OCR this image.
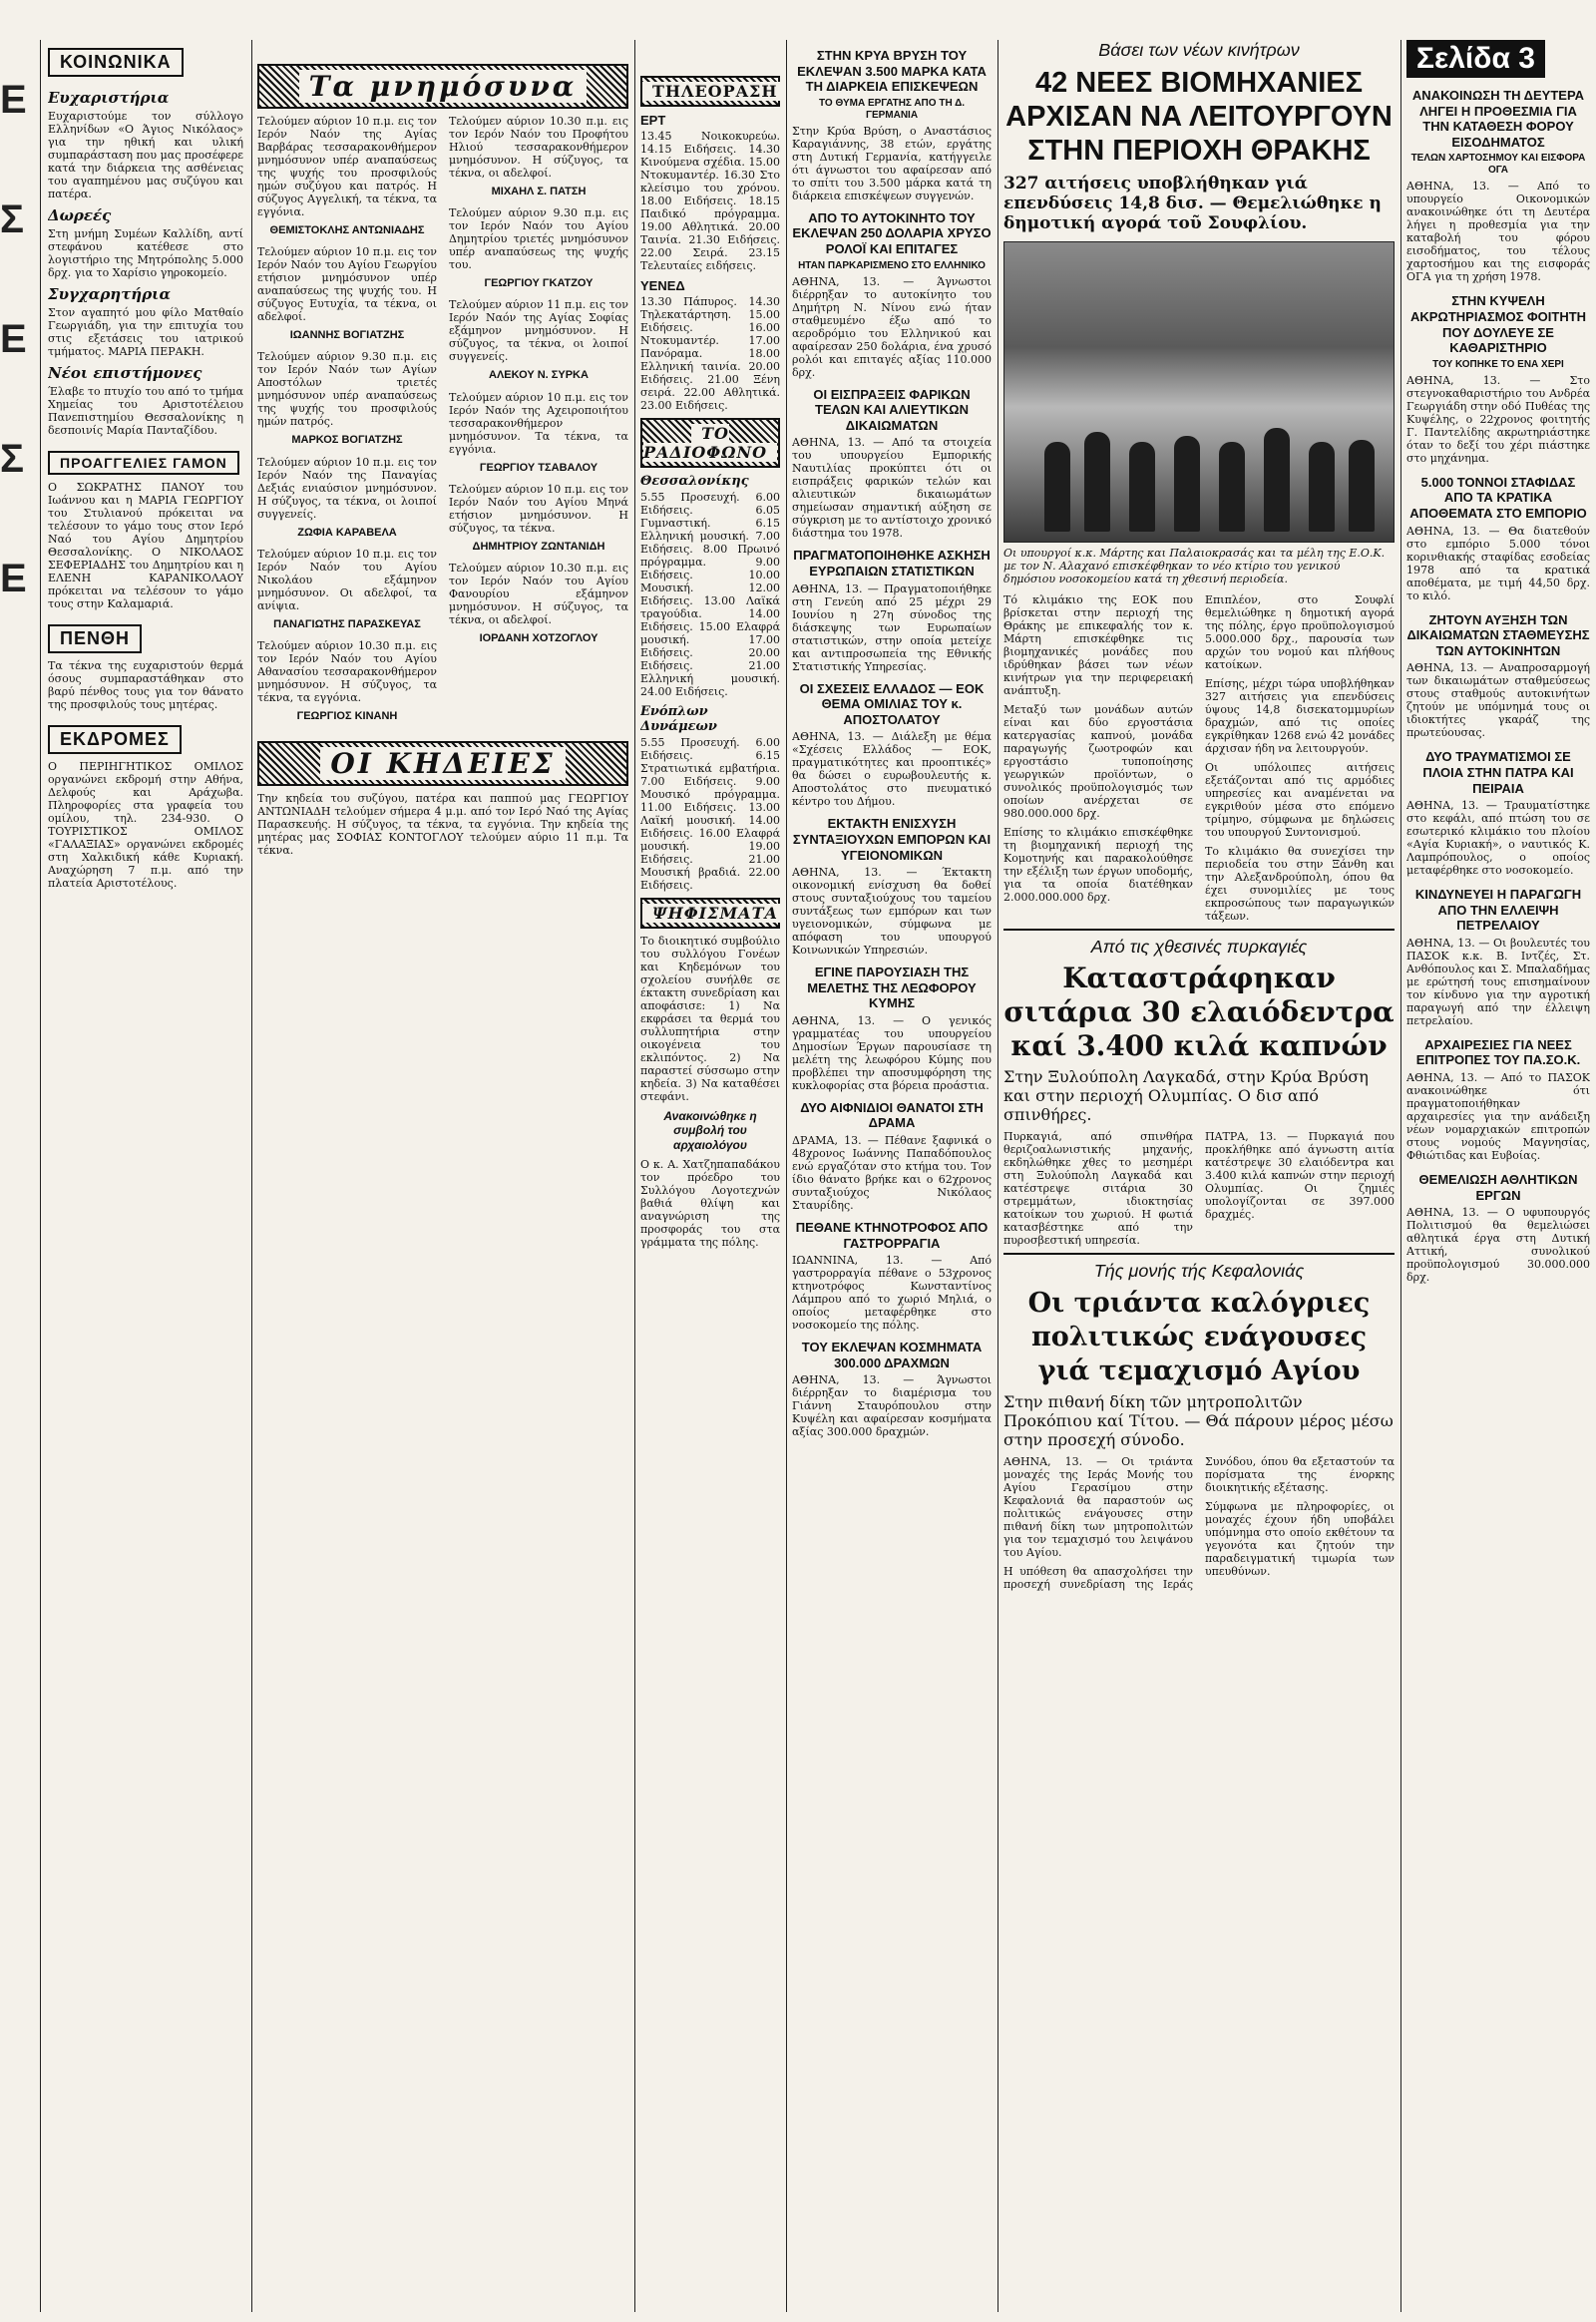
ΕΣ Ε Σ Ε
ΚΟΙΝΩΝΙΚΑ
Ευχαριστήρια

Ευχαριστούμε τον σύλλογο Ελληνίδων «Ο Άγιος Νικόλαος» για την ηθική και υλική συμπαράσταση που μας προσέφερε κατά την διάρκεια της ασθένειας του αγαπημένου μας συζύγου και πατέρα.

Δωρεές

Στη μνήμη Συμέων Καλλίδη, αντί στεφάνου κατέθεσε στο λογιστήριο της Μητρόπολης 5.000 δρχ. για το Χαρίσιο γηροκομείο.

Συγχαρητήρια

Στον αγαπητό μου φίλο Ματθαίο Γεωργιάδη, για την επιτυχία του στις εξετάσεις του ιατρικού τμήματος. ΜΑΡΙΑ ΠΕΡΑΚΗ.

Νέοι επιστήμονες

Έλαβε το πτυχίο του από το τμήμα Χημείας του Αριστοτέλειου Πανεπιστημίου Θεσσαλονίκης η δεσποινίς Μαρία Πανταζίδου.

ΠΡΟΑΓΓΕΛΙΕΣ ΓΑΜΟΝ

Ο ΣΩΚΡΑΤΗΣ ΠΑΝΟΥ του Ιωάννου και η ΜΑΡΙΑ ΓΕΩΡΓΙΟΥ του Στυλιανού πρόκειται να τελέσουν το γάμο τους στον Ιερό Ναό του Αγίου Δημητρίου Θεσσαλονίκης. Ο ΝΙΚΟΛΑΟΣ ΣΕΦΕΡΙΑΔΗΣ του Δημητρίου και η ΕΛΕΝΗ ΚΑΡΑΝΙΚΟΛΑΟΥ πρόκειται να τελέσουν το γάμο τους στην Καλαμαριά.

ΠΕΝΘΗ

Τα τέκνα της ευχαριστούν θερμά όσους συμπαραστάθηκαν στο βαρύ πένθος τους για τον θάνατο της προσφιλούς τους μητέρας.

ΕΚΔΡΟΜΕΣ

Ο ΠΕΡΙΗΓΗΤΙΚΟΣ ΟΜΙΛΟΣ οργανώνει εκδρομή στην Αθήνα, Δελφούς και Αράχωβα. Πληροφορίες στα γραφεία του ομίλου, τηλ. 234-930. Ο ΤΟΥΡΙΣΤΙΚΟΣ ΟΜΙΛΟΣ «ΓΑΛΑΞΙΑΣ» οργανώνει εκδρομές στη Χαλκιδική κάθε Κυριακή. Αναχώρηση 7 π.μ. από την πλατεία Αριστοτέλους.

Τα μνημόσυνα

Τελούμεν αύριον 10 π.μ. εις τον Ιερόν Ναόν της Αγίας Βαρβάρας τεσσαρακονθήμερον μνημόσυνον υπέρ αναπαύσεως της ψυχής του προσφιλούς ημών συζύγου και πατρός. Η σύζυγος Αγγελική, τα τέκνα, τα εγγόνια.

ΘΕΜΙΣΤΟΚΛΗΣ ΑΝΤΩΝΙΑΔΗΣ

Τελούμεν αύριον 10 π.μ. εις τον Ιερόν Ναόν του Αγίου Γεωργίου ετήσιον μνημόσυνον υπέρ αναπαύσεως της ψυχής του. Η σύζυγος Ευτυχία, τα τέκνα, οι αδελφοί.

ΙΩΑΝΝΗΣ ΒΟΓΙΑΤΖΗΣ

Τελούμεν αύριον 9.30 π.μ. εις τον Ιερόν Ναόν των Αγίων Αποστόλων τριετές μνημόσυνον υπέρ αναπαύσεως της ψυχής του προσφιλούς ημών πατρός.

ΜΑΡΚΟΣ ΒΟΓΙΑΤΖΗΣ

Τελούμεν αύριον 10 π.μ. εις τον Ιερόν Ναόν της Παναγίας Δεξιάς ενιαύσιον μνημόσυνον. Η σύζυγος, τα τέκνα, οι λοιποί συγγενείς.

ΖΩΦΙΑ ΚΑΡΑΒΕΛΑ

Τελούμεν αύριον 10 π.μ. εις τον Ιερόν Ναόν του Αγίου Νικολάου εξάμηνον μνημόσυνον. Οι αδελφοί, τα ανίψια.

ΠΑΝΑΓΙΩΤΗΣ ΠΑΡΑΣΚΕΥΑΣ

Τελούμεν αύριον 10.30 π.μ. εις τον Ιερόν Ναόν του Αγίου Αθανασίου τεσσαρακονθήμερον μνημόσυνον. Η σύζυγος, τα τέκνα, τα εγγόνια.

ΓΕΩΡΓΙΟΣ ΚΙΝΑΝΗ

Τελούμεν αύριον 10.30 π.μ. εις τον Ιερόν Ναόν του Προφήτου Ηλιού τεσσαρακονθήμερον μνημόσυνον. Η σύζυγος, τα τέκνα, οι αδελφοί.

ΜΙΧΑΗΛ Σ. ΠΑΤΣΗ

Τελούμεν αύριον 9.30 π.μ. εις τον Ιερόν Ναόν του Αγίου Δημητρίου τριετές μνημόσυνον υπέρ αναπαύσεως της ψυχής του.

ΓΕΩΡΓΙΟΥ ΓΚΑΤΖΟΥ

Τελούμεν αύριον 11 π.μ. εις τον Ιερόν Ναόν της Αγίας Σοφίας εξάμηνον μνημόσυνον. Η σύζυγος, τα τέκνα, οι λοιποί συγγενείς.

ΑΛΕΚΟΥ Ν. ΣΥΡΚΑ

Τελούμεν αύριον 10 π.μ. εις τον Ιερόν Ναόν της Αχειροποιήτου τεσσαρακονθήμερον μνημόσυνον. Τα τέκνα, τα εγγόνια.

ΓΕΩΡΓΙΟΥ ΤΣΑΒΑΛΟΥ

Τελούμεν αύριον 10 π.μ. εις τον Ιερόν Ναόν του Αγίου Μηνά ετήσιον μνημόσυνον. Η σύζυγος, τα τέκνα.

ΔΗΜΗΤΡΙΟΥ ΖΩΝΤΑΝΙΔΗ

Τελούμεν αύριον 10.30 π.μ. εις τον Ιερόν Ναόν του Αγίου Φανουρίου εξάμηνον μνημόσυνον. Η σύζυγος, τα τέκνα, οι αδελφοί.

ΙΟΡΔΑΝΗ ΧΟΤΖΟΓΛΟΥ
ΟΙ ΚΗΔΕΙΕΣ

Την κηδεία του συζύγου, πατέρα και παππού μας ΓΕΩΡΓΙΟΥ ΑΝΤΩΝΙΑΔΗ τελούμεν σήμερα 4 μ.μ. από τον Ιερό Ναό της Αγίας Παρασκευής. Η σύζυγος, τα τέκνα, τα εγγόνια. Την κηδεία της μητέρας μας ΣΟΦΙΑΣ ΚΟΝΤΟΓΛΟΥ τελούμεν αύριο 11 π.μ. Τα τέκνα.

ΤΗΛΕΟΡΑΣΗ
ΕΡΤ

13.45 Νοικοκυρεύω. 14.15 Ειδήσεις. 14.30 Κινούμενα σχέδια. 15.00 Ντοκυμαντέρ. 16.30 Στο κλείσιμο του χρόνου. 18.00 Ειδήσεις. 18.15 Παιδικό πρόγραμμα. 19.00 Αθλητικά. 20.00 Ταινία. 21.30 Ειδήσεις. 22.00 Σειρά. 23.15 Τελευταίες ειδήσεις.

ΥΕΝΕΔ

13.30 Πάπυρος. 14.30 Τηλεκατάρτηση. 15.00 Ειδήσεις. 16.00 Ντοκυμαντέρ. 17.00 Πανόραμα. 18.00 Ελληνική ταινία. 20.00 Ειδήσεις. 21.00 Ξένη σειρά. 22.00 Αθλητικά. 23.00 Ειδήσεις.

ΤΟ ΡΑΔΙΟΦΩΝΟ
Θεσσαλονίκης

5.55 Προσευχή. 6.00 Ειδήσεις. 6.05 Γυμναστική. 6.15 Ελληνική μουσική. 7.00 Ειδήσεις. 8.00 Πρωινό πρόγραμμα. 9.00 Ειδήσεις. 10.00 Μουσική. 12.00 Ειδήσεις. 13.00 Λαϊκά τραγούδια. 14.00 Ειδήσεις. 15.00 Ελαφρά μουσική. 17.00 Ειδήσεις. 20.00 Ειδήσεις. 21.00 Ελληνική μουσική. 24.00 Ειδήσεις.

Ενόπλων Δυνάμεων

5.55 Προσευχή. 6.00 Ειδήσεις. 6.15 Στρατιωτικά εμβατήρια. 7.00 Ειδήσεις. 9.00 Μουσικό πρόγραμμα. 11.00 Ειδήσεις. 13.00 Λαϊκή μουσική. 14.00 Ειδήσεις. 16.00 Ελαφρά μουσική. 19.00 Ειδήσεις. 21.00 Μουσική βραδιά. 22.00 Ειδήσεις.

ΨΗΦΙΣΜΑΤΑ

Το διοικητικό συμβούλιο του συλλόγου Γονέων και Κηδεμόνων του σχολείου συνήλθε σε έκτακτη συνεδρίαση και αποφάσισε: 1) Να εκφράσει τα θερμά του συλλυπητήρια στην οικογένεια του εκλιπόντος. 2) Να παραστεί σύσσωμο στην κηδεία. 3) Να καταθέσει στεφάνι.

Ανακοινώθηκε η συμβολή του αρχαιολόγου

Ο κ. Α. Χατζηπαπαδάκου τον πρόεδρο του Συλλόγου Λογοτεχνών βαθιά θλίψη και αναγνώριση της προσφοράς του στα γράμματα της πόλης.

ΣΤΗΝ ΚΡΥΑ ΒΡΥΣΗ ΤΟΥ ΕΚΛΕΨΑΝ 3.500 ΜΑΡΚΑ ΚΑΤΑ ΤΗ ΔΙΑΡΚΕΙΑ ΕΠΙΣΚΕΨΕΩΝ
ΤΟ ΘΥΜΑ ΕΡΓΑΤΗΣ ΑΠΟ ΤΗ Δ. ΓΕΡΜΑΝΙΑ

Στην Κρύα Βρύση, ο Αναστάσιος Καραγιάννης, 38 ετών, εργάτης στη Δυτική Γερμανία, κατήγγειλε ότι άγνωστοι του αφαίρεσαν από το σπίτι του 3.500 μάρκα κατά τη διάρκεια επισκέψεων συγγενών.

ΑΠΟ ΤΟ ΑΥΤΟΚΙΝΗΤΟ ΤΟΥ ΕΚΛΕΨΑΝ 250 ΔΟΛΑΡΙΑ ΧΡΥΣΟ ΡΟΛΟΪ ΚΑΙ ΕΠΙΤΑΓΕΣ
ΗΤΑΝ ΠΑΡΚΑΡΙΣΜΕΝΟ ΣΤΟ ΕΛΛΗΝΙΚΟ

ΑΘΗΝΑ, 13. — Άγνωστοι διέρρηξαν το αυτοκίνητο του Δημήτρη Ν. Νίνου ενώ ήταν σταθμευμένο έξω από το αεροδρόμιο του Ελληνικού και αφαίρεσαν 250 δολάρια, ένα χρυσό ρολόι και επιταγές αξίας 110.000 δρχ.

ΟΙ ΕΙΣΠΡΑΞΕΙΣ ΦΑΡΙΚΩΝ ΤΕΛΩΝ ΚΑΙ ΑΛΙΕΥΤΙΚΩΝ ΔΙΚΑΙΩΜΑΤΩΝ

ΑΘΗΝΑ, 13. — Από τα στοιχεία του υπουργείου Εμπορικής Ναυτιλίας προκύπτει ότι οι εισπράξεις φαρικών τελών και αλιευτικών δικαιωμάτων σημείωσαν σημαντική αύξηση σε σύγκριση με το αντίστοιχο χρονικό διάστημα του 1978.

ΠΡΑΓΜΑΤΟΠΟΙΗΘΗΚΕ ΑΣΚΗΣΗ ΕΥΡΩΠΑΙΩΝ ΣΤΑΤΙΣΤΙΚΩΝ

ΑΘΗΝΑ, 13. — Πραγματοποιήθηκε στη Γενεύη από 25 μέχρι 29 Ιουνίου η 27η σύνοδος της διάσκεψης των Ευρωπαίων στατιστικών, στην οποία μετείχε και αντιπροσωπεία της Εθνικής Στατιστικής Υπηρεσίας.

ΟΙ ΣΧΕΣΕΙΣ ΕΛΛΑΔΟΣ — ΕΟΚ ΘΕΜΑ ΟΜΙΛΙΑΣ ΤΟΥ κ. ΑΠΟΣΤΟΛΑΤΟΥ

ΑΘΗΝΑ, 13. — Διάλεξη με θέμα «Σχέσεις Ελλάδος — ΕΟΚ, πραγματικότητες και προοπτικές» θα δώσει ο ευρωβουλευτής κ. Αποστολάτος στο πνευματικό κέντρο του Δήμου.

ΕΚΤΑΚΤΗ ΕΝΙΣΧΥΣΗ ΣΥΝΤΑΞΙΟΥΧΩΝ ΕΜΠΟΡΩΝ ΚΑΙ ΥΓΕΙΟΝΟΜΙΚΩΝ

ΑΘΗΝΑ, 13. — Έκτακτη οικονομική ενίσχυση θα δοθεί στους συνταξιούχους του ταμείου συντάξεως των εμπόρων και των υγειονομικών, σύμφωνα με απόφαση του υπουργού Κοινωνικών Υπηρεσιών.

ΕΓΙΝΕ ΠΑΡΟΥΣΙΑΣΗ ΤΗΣ ΜΕΛΕΤΗΣ ΤΗΣ ΛΕΩΦΟΡΟΥ ΚΥΜΗΣ

ΑΘΗΝΑ, 13. — Ο γενικός γραμματέας του υπουργείου Δημοσίων Έργων παρουσίασε τη μελέτη της λεωφόρου Κύμης που προβλέπει την αποσυμφόρηση της κυκλοφορίας στα βόρεια προάστια.

ΔΥΟ ΑΙΦΝΙΔΙΟΙ ΘΑΝΑΤΟΙ ΣΤΗ ΔΡΑΜΑ

ΔΡΑΜΑ, 13. — Πέθανε ξαφνικά ο 48χρονος Ιωάννης Παπαδόπουλος ενώ εργαζόταν στο κτήμα του. Τον ίδιο θάνατο βρήκε και ο 62χρονος συνταξιούχος Νικόλαος Σταυρίδης.

ΠΕΘΑΝΕ ΚΤΗΝΟΤΡΟΦΟΣ ΑΠΟ ΓΑΣΤΡΟΡΡΑΓΙΑ

ΙΩΑΝΝΙΝΑ, 13. — Από γαστρορραγία πέθανε ο 53χρονος κτηνοτρόφος Κωνσταντίνος Λάμπρου από το χωριό Μηλιά, ο οποίος μεταφέρθηκε στο νοσοκομείο της πόλης.

ΤΟΥ ΕΚΛΕΨΑΝ ΚΟΣΜΗΜΑΤΑ 300.000 ΔΡΑΧΜΩΝ

ΑΘΗΝΑ, 13. — Άγνωστοι διέρρηξαν το διαμέρισμα του Γιάννη Σταυρόπουλου στην Κυψέλη και αφαίρεσαν κοσμήματα αξίας 300.000 δραχμών.

Βάσει των νέων κινήτρων
42 ΝΕΕΣ ΒΙΟΜΗΧΑΝΙΕΣ ΑΡΧΙΣΑΝ ΝΑ ΛΕΙΤΟΥΡΓΟΥΝ ΣΤΗΝ ΠΕΡΙΟΧΗ ΘΡΑΚΗΣ
327 αιτήσεις υποβλήθηκαν γιά επενδύσεις 14,8 δισ. — Θεμελιώθηκε η δημοτική αγορά τοῦ Σουφλίου.
Οι υπουργοί κ.κ. Μάρτης και Παλαιοκρασάς και τα μέλη της Ε.Ο.Κ. με τον Ν. Αλαχανό επισκέφθηκαν το νέο κτίριο του γενικού δημόσιου νοσοκομείου κατά τη χθεσινή περιοδεία.

Τό κλιμάκιο της ΕΟΚ που βρίσκεται στην περιοχή της Θράκης με επικεφαλής τον κ. Μάρτη επισκέφθηκε τις βιομηχανικές μονάδες που ιδρύθηκαν βάσει των νέων κινήτρων για την περιφερειακή ανάπτυξη.

Μεταξύ των μονάδων αυτών είναι και δύο εργοστάσια κατεργασίας καπνού, μονάδα παραγωγής ζωοτροφών και εργοστάσιο τυποποίησης γεωργικών προϊόντων, ο συνολικός προϋπολογισμός των οποίων ανέρχεται σε 980.000.000 δρχ.

Επίσης το κλιμάκιο επισκέφθηκε τη βιομηχανική περιοχή της Κομοτηνής και παρακολούθησε την εξέλιξη των έργων υποδομής, για τα οποία διατέθηκαν 2.000.000.000 δρχ.

Επιπλέον, στο Σουφλί θεμελιώθηκε η δημοτική αγορά της πόλης, έργο προϋπολογισμού 5.000.000 δρχ., παρουσία των αρχών του νομού και πλήθους κατοίκων.

Επίσης, μέχρι τώρα υποβλήθηκαν 327 αιτήσεις για επενδύσεις ύψους 14,8 δισεκατομμυρίων δραχμών, από τις οποίες εγκρίθηκαν 1268 ενώ 42 μονάδες άρχισαν ήδη να λειτουργούν.

Οι υπόλοιπες αιτήσεις εξετάζονται από τις αρμόδιες υπηρεσίες και αναμένεται να εγκριθούν μέσα στο επόμενο τρίμηνο, σύμφωνα με δηλώσεις του υπουργού Συντονισμού.

Το κλιμάκιο θα συνεχίσει την περιοδεία του στην Ξάνθη και την Αλεξανδρούπολη, όπου θα έχει συνομιλίες με τους εκπροσώπους των παραγωγικών τάξεων.

Από τις χθεσινές πυρκαγιές
Καταστράφηκαν σιτάρια 30 ελαιόδεντρα καί 3.400 κιλά καπνών
Στην Ξυλούπολη Λαγκαδά, στην Κρύα Βρύση και στην περιοχή Ολυμπίας. Ο δισ από σπινθήρες.

Πυρκαγιά, από σπινθήρα θεριζοαλωνιστικής μηχανής, εκδηλώθηκε χθες το μεσημέρι στη Ξυλούπολη Λαγκαδά και κατέστρεψε σιτάρια 30 στρεμμάτων, ιδιοκτησίας κατοίκων του χωριού. Η φωτιά κατασβέστηκε από την πυροσβεστική υπηρεσία.

ΠΑΤΡΑ, 13. — Πυρκαγιά που προκλήθηκε από άγνωστη αιτία κατέστρεψε 30 ελαιόδεντρα και 3.400 κιλά καπνών στην περιοχή Ολυμπίας. Οι ζημιές υπολογίζονται σε 397.000 δραχμές.

Τής μονής τής Κεφαλονιάς
Οι τριάντα καλόγριες πολιτικώς ενάγουσες γιά τεμαχισμό Αγίου
Στην πιθανή δίκη τῶν μητροπολιτῶν Προκόπιου καί Τίτου. — Θά πάρουν μέρος μέσω στην προσεχή σύνοδο.

ΑΘΗΝΑ, 13. — Οι τριάντα μοναχές της Ιεράς Μονής του Αγίου Γερασίμου στην Κεφαλονιά θα παραστούν ως πολιτικώς ενάγουσες στην πιθανή δίκη των μητροπολιτών για τον τεμαχισμό του λειψάνου του Αγίου.

Η υπόθεση θα απασχολήσει την προσεχή συνεδρίαση της Ιεράς Συνόδου, όπου θα εξεταστούν τα πορίσματα της ένορκης διοικητικής εξέτασης.

Σύμφωνα με πληροφορίες, οι μοναχές έχουν ήδη υποβάλει υπόμνημα στο οποίο εκθέτουν τα γεγονότα και ζητούν την παραδειγματική τιμωρία των υπευθύνων.

Σελίδα 3
ΑΝΑΚΟΙΝΩΣΗ ΤΗ ΔΕΥΤΕΡΑ ΛΗΓΕΙ Η ΠΡΟΘΕΣΜΙΑ ΓΙΑ ΤΗΝ ΚΑΤΑΘΕΣΗ ΦΟΡΟΥ ΕΙΣΟΔΗΜΑΤΟΣ
ΤΕΛΩΝ ΧΑΡΤΟΣΗΜΟΥ ΚΑΙ ΕΙΣΦΟΡΑ ΟΓΑ

ΑΘΗΝΑ, 13. — Από το υπουργείο Οικονομικών ανακοινώθηκε ότι τη Δευτέρα λήγει η προθεσμία για την καταβολή του φόρου εισοδήματος, του τέλους χαρτοσήμου και της εισφοράς ΟΓΑ για τη χρήση 1978.

ΣΤΗΝ ΚΥΨΕΛΗ ΑΚΡΩΤΗΡΙΑΣΜΟΣ ΦΟΙΤΗΤΗ ΠΟΥ ΔΟΥΛΕΥΕ ΣΕ ΚΑΘΑΡΙΣΤΗΡΙΟ
ΤΟΥ ΚΟΠΗΚΕ ΤΟ ΕΝΑ ΧΕΡΙ

ΑΘΗΝΑ, 13. — Στο στεγνοκαθαριστήριο του Ανδρέα Γεωργιάδη στην οδό Πυθέας της Κυψέλης, ο 22χρονος φοιτητής Γ. Παντελίδης ακρωτηριάστηκε όταν το δεξί του χέρι πιάστηκε στο μηχάνημα.

5.000 ΤΟΝΝΟΙ ΣΤΑΦΙΔΑΣ ΑΠΟ ΤΑ ΚΡΑΤΙΚΑ ΑΠΟΘΕΜΑΤΑ ΣΤΟ ΕΜΠΟΡΙΟ

ΑΘΗΝΑ, 13. — Θα διατεθούν στο εμπόριο 5.000 τόνοι κορινθιακής σταφίδας εσοδείας 1978 από τα κρατικά αποθέματα, με τιμή 44,50 δρχ. το κιλό.

ΖΗΤΟΥΝ ΑΥΞΗΣΗ ΤΩΝ ΔΙΚΑΙΩΜΑΤΩΝ ΣΤΑΘΜΕΥΣΗΣ ΤΩΝ ΑΥΤΟΚΙΝΗΤΩΝ

ΑΘΗΝΑ, 13. — Αναπροσαρμογή των δικαιωμάτων σταθμεύσεως στους σταθμούς αυτοκινήτων ζητούν με υπόμνημά τους οι ιδιοκτήτες γκαράζ της πρωτεύουσας.

ΔΥΟ ΤΡΑΥΜΑΤΙΣΜΟΙ ΣΕ ΠΛΟΙΑ ΣΤΗΝ ΠΑΤΡΑ ΚΑΙ ΠΕΙΡΑΙΑ

ΑΘΗΝΑ, 13. — Τραυματίστηκε στο κεφάλι, από πτώση του σε εσωτερικό κλιμάκιο του πλοίου «Αγία Κυριακή», ο ναυτικός Κ. Λαμπρόπουλος, ο οποίος μεταφέρθηκε στο νοσοκομείο.

ΚΙΝΔΥΝΕΥΕΙ Η ΠΑΡΑΓΩΓΗ ΑΠΟ ΤΗΝ ΕΛΛΕΙΨΗ ΠΕΤΡΕΛΑΙΟΥ

ΑΘΗΝΑ, 13. — Οι βουλευτές του ΠΑΣΟΚ κ.κ. Β. Ιντζές, Στ. Ανθόπουλος και Σ. Μπαλαδήμας με ερώτησή τους επισημαίνουν τον κίνδυνο για την αγροτική παραγωγή από την έλλειψη πετρελαίου.

ΑΡΧΑΙΡΕΣΙΕΣ ΓΙΑ ΝΕΕΣ ΕΠΙΤΡΟΠΕΣ ΤΟΥ ΠΑ.ΣΟ.Κ.

ΑΘΗΝΑ, 13. — Από το ΠΑΣΟΚ ανακοινώθηκε ότι πραγματοποιήθηκαν αρχαιρεσίες για την ανάδειξη νέων νομαρχιακών επιτροπών στους νομούς Μαγνησίας, Φθιώτιδας και Ευβοίας.

ΘΕΜΕΛΙΩΣΗ ΑΘΛΗΤΙΚΩΝ ΕΡΓΩΝ

ΑΘΗΝΑ, 13. — Ο υφυπουργός Πολιτισμού θα θεμελιώσει αθλητικά έργα στη Δυτική Αττική, συνολικού προϋπολογισμού 30.000.000 δρχ.
